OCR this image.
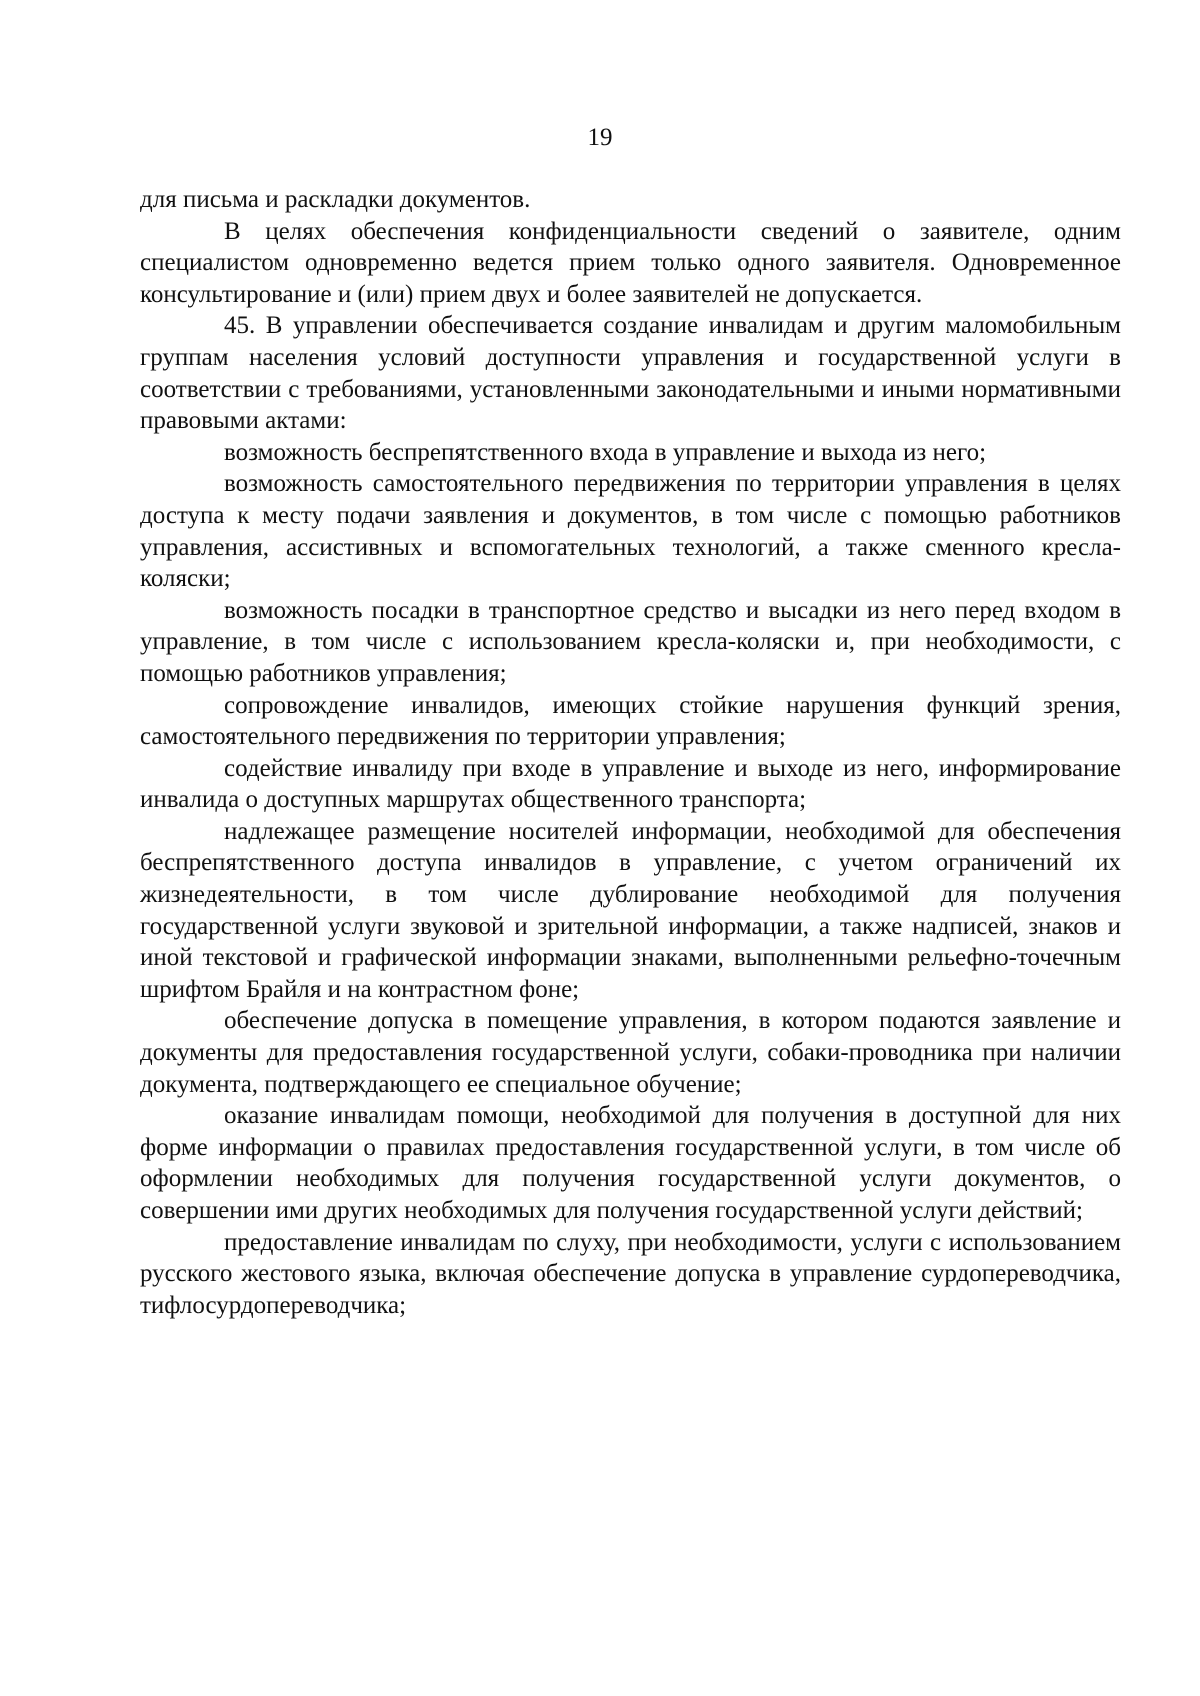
19

для письма и раскладки документов.

В целях обеспечения конфиденциальности сведений о заявителе, одним специалистом одновременно ведется прием только одного заявителя. Одновременное консультирование и (или) прием двух и более заявителей не допускается.

45. В управлении обеспечивается создание инвалидам и другим маломобильным группам населения условий доступности управления и государственной услуги в соответствии с требованиями, установленными законодательными и иными нормативными правовыми актами:

возможность беспрепятственного входа в управление и выхода из него;

возможность самостоятельного передвижения по территории управления в целях доступа к месту подачи заявления и документов, в том числе с помощью работников управления, ассистивных и вспомогательных технологий, а также сменного кресла-коляски;

возможность посадки в транспортное средство и высадки из него перед входом в управление, в том числе с использованием кресла-коляски и, при необходимости, с помощью работников управления;

сопровождение инвалидов, имеющих стойкие нарушения функций зрения, самостоятельного передвижения по территории управления;

содействие инвалиду при входе в управление и выходе из него, информирование инвалида о доступных маршрутах общественного транспорта;

надлежащее размещение носителей информации, необходимой для обеспечения беспрепятственного доступа инвалидов в управление, с учетом ограничений их жизнедеятельности, в том числе дублирование необходимой для получения государственной услуги звуковой и зрительной информации, а также надписей, знаков и иной текстовой и графической информации знаками, выполненными рельефно-точечным шрифтом Брайля и на контрастном фоне;

обеспечение допуска в помещение управления, в котором подаются заявление и документы для предоставления государственной услуги, собаки-проводника при наличии документа, подтверждающего ее специальное обучение;

оказание инвалидам помощи, необходимой для получения в доступной для них форме информации о правилах предоставления государственной услуги, в том числе об оформлении необходимых для получения государственной услуги документов, о совершении ими других необходимых для получения государственной услуги действий;

предоставление инвалидам по слуху, при необходимости, услуги с использованием русского жестового языка, включая обеспечение допуска в управление сурдопереводчика, тифлосурдопереводчика;
